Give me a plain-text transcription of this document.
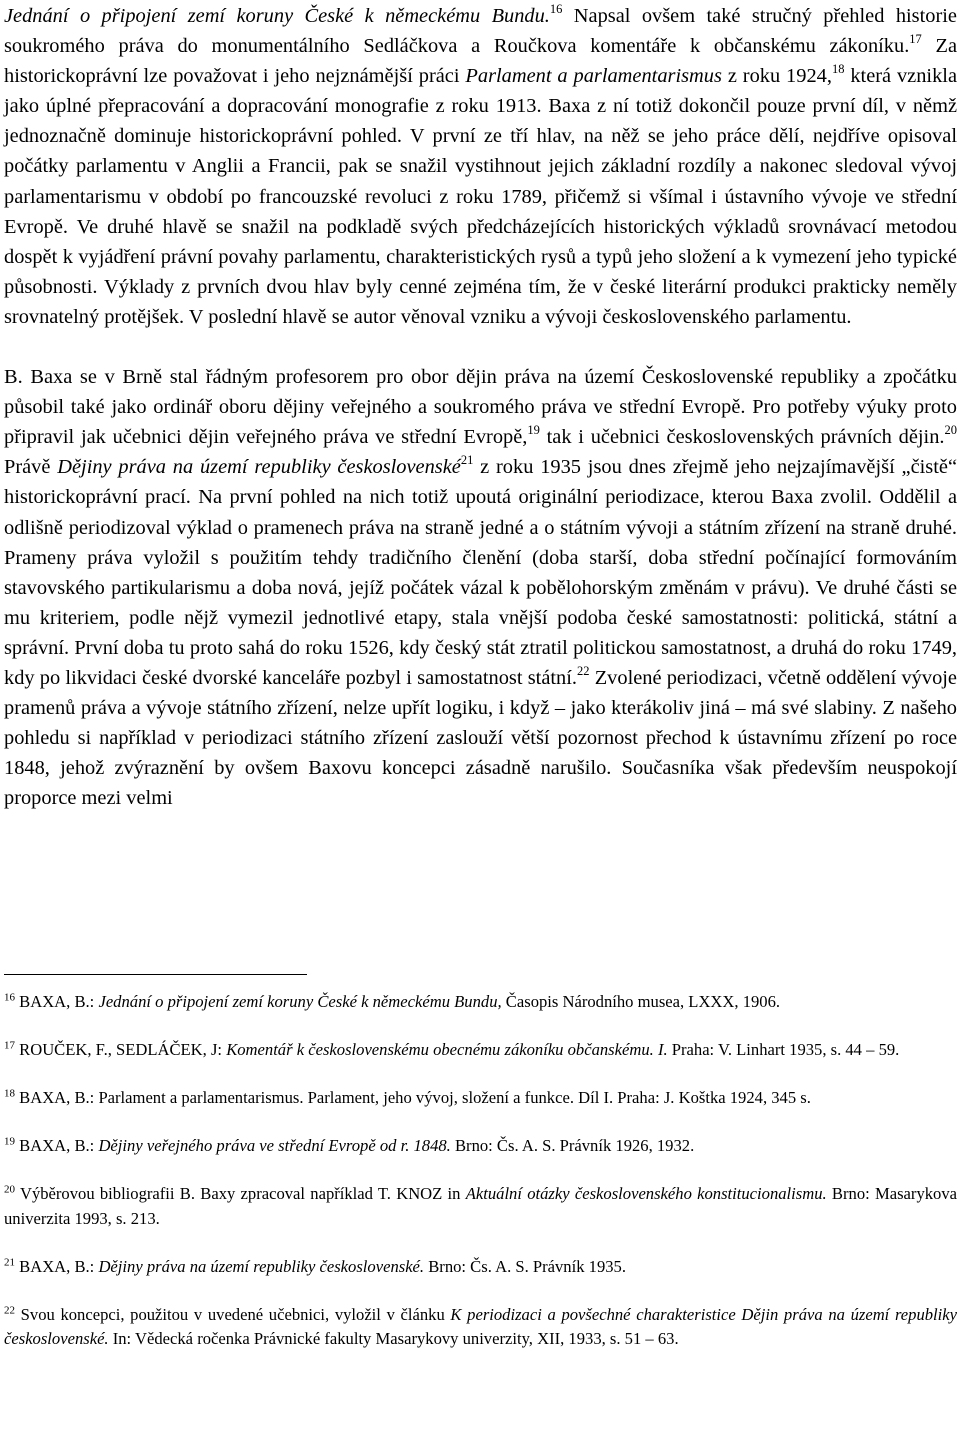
Jednání o připojení zemí koruny České k německému Bundu.$^{16}$ Napsal ovšem také stručný přehled historie soukromého práva do monumentálního Sedláčkova a Roučkova komentáře k občanskému zákoníku.$^{17}$ Za historickoprávní lze považovat i jeho nejznámější práci Parlament a parlamentarismus z roku 1924,18 která vznikla jako úplné přepracování a dopracování monografie z roku 1913. Baxa z ní totiž dokončil pouze první díl, v němž jednoznačně dominuje historickoprávní pohled. V první ze tří hlav, na něž se jeho práce dělí, nejdříve opisoval počátky parlamentu v Anglii a Francii, pak se snažil vystihnout jejich základní rozdíly a nakonec sledoval vývoj parlamentarismu v období po francouzské revoluci z roku 1789, přičemž si všímal i ústavního vývoje ve střední Evropě. Ve druhé hlavě se snažil na podkladě svých předcházejících historických výkladů srovnávací metodou dospět k vyjádření právní povahy parlamentu, charakteristických rysů a typů jeho složení a k vymezení jeho typické působnosti. Výklady z prvních dvou hlav byly cenné zejména tím, že v české literární produkci prakticky neměly srovnatelný protějšek. V poslední hlavě se autor věnoval vzniku a vývoji československého parlamentu.

B. Baxa se v Brně stal řádným profesorem pro obor dějin práva na území Československé republiky a zpočátku působil také jako ordinář oboru dějiny veřejného a soukromého práva ve střední Evropě. Pro potřeby výuky proto připravil jak učebnici dějin veřejného práva ve střední Evropě,$^{19}$ tak i učebnici československých právních dějin.$^{20}$ Právě Dějiny práva na území republiky československé$^{21}$ z roku 1935 jsou dnes zřejmě jeho nejzajímavější „čistě“ historickoprávní prací. Na první pohled na nich totiž upoutá originální periodizace, kterou Baxa zvolil. Oddělil a odlišně periodizoval výklad o pramenech práva na straně jedné a o státním vývoji a státním zřízení na straně druhé. Prameny práva vyložil s použitím tehdy tradičního členění (doba starší, doba střední počínající formováním stavovského partikularismu a doba nová, jejíž počátek vázal k pobělohorským změnám v právu). Ve druhé části se mu kriteriem, podle nějž vymezil jednotlivé etapy, stala vnější podoba české samostatnosti: politická, státní a správní. První doba tu proto sahá do roku 1526, kdy český stát ztratil politickou samostatnost, a druhá do roku 1749, kdy po likvidaci české dvorské kanceláře pozbyl i samostatnost státní.$^{22}$ Zvolené periodizaci, včetně oddělení vývoje pramenů práva a vývoje státního zřízení, nelze upřít logiku, i když – jako kterákoliv jiná – má své slabiny. Z našeho pohledu si například v periodizaci státního zřízení zaslouží větší pozornost přechod k ústavnímu zřízení po roce 1848, jehož zvýraznění by ovšem Baxovu koncepci zásadně narušilo. Současníka však především neuspokojí proporce mezi velmi

$^{16}$ BAXA, B.: Jednání o připojení zemí koruny České k německému Bundu, Časopis Národního musea, LXXX, 1906.

$^{17}$ ROUČEK, F., SEDLÁČEK, J: Komentář k československému obecnému zákoníku občanskému. I. Praha: V. Linhart 1935, s. 44 – 59.

$^{18}$ BAXA, B.: Parlament a parlamentarismus. Parlament, jeho vývoj, složení a funkce. Díl I. Praha: J. Koštka 1924, 345 s.

$^{19}$ BAXA, B.: Dějiny veřejného práva ve střední Evropě od r. 1848. Brno: Čs. A. S. Právník 1926, 1932.

$^{20}$ Výběrovou bibliografii B. Baxy zpracoval například T. KNOZ in Aktuální otázky československého konstitucionalismu. Brno: Masarykova univerzita 1993, s. 213.

$^{21}$ BAXA, B.: Dějiny práva na území republiky československé. Brno: Čs. A. S. Právník 1935.

$^{22}$ Svou koncepci, použitou v uvedené učebnici, vyložil v článku K periodizaci a povšechné charakteristice Dějin práva na území republiky československé. In: Vědecká ročenka Právnické fakulty Masarykovy univerzity, XII, 1933, s. 51 – 63.
